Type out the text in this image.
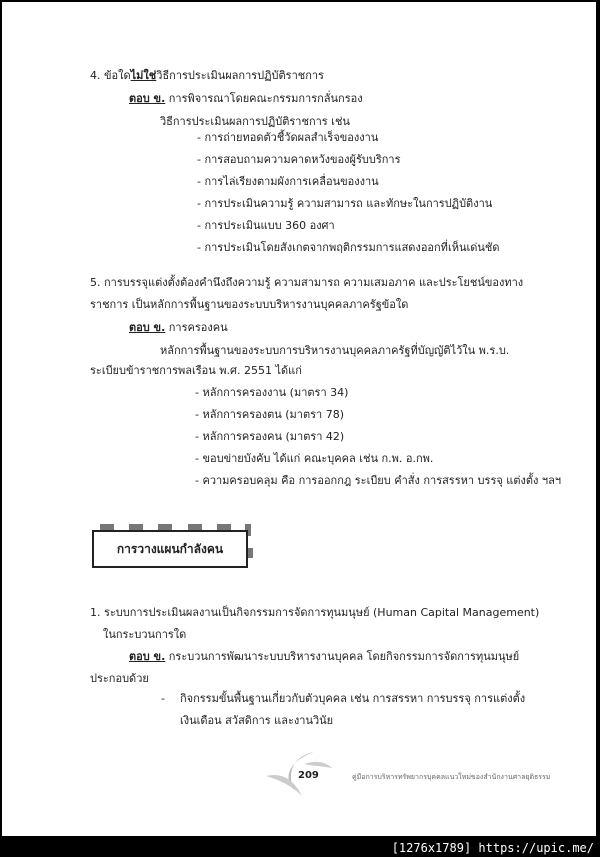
4. ข้อใดไม่ใช่วิธีการประเมินผลการปฏิบัติราชการ
ตอบ ข. การพิจารณาโดยคณะกรรมการกลั่นกรอง
วิธีการประเมินผลการปฏิบัติราชการ เช่น
- การถ่ายทอดตัวชี้วัดผลสำเร็จของงาน
- การสอบถามความคาดหวังของผู้รับบริการ
- การไล่เรียงตามผังการเคลื่อนของงาน
- การประเมินความรู้ ความสามารถ และทักษะในการปฏิบัติงาน
- การประเมินแบบ 360 องศา
- การประเมินโดยสังเกตจากพฤติกรรมการแสดงออกที่เห็นเด่นชัด
5. การบรรจุแต่งตั้งต้องคำนึงถึงความรู้ ความสามารถ ความเสมอภาค และประโยชน์ของทาง
ราชการ เป็นหลักการพื้นฐานของระบบบริหารงานบุคคลภาครัฐข้อใด
ตอบ ข. การครองคน
หลักการพื้นฐานของระบบการบริหารงานบุคคลภาครัฐที่บัญญัติไว้ใน พ.ร.บ.
ระเบียบข้าราชการพลเรือน พ.ศ. 2551 ได้แก่
- หลักการครองงาน (มาตรา 34)
- หลักการครองตน (มาตรา 78)
- หลักการครองคน (มาตรา 42)
- ขอบข่ายบังคับ ได้แก่ คณะบุคคล เช่น ก.พ. อ.กพ.
- ความครอบคลุม คือ การออกกฎ ระเบียบ คำสั่ง การสรรหา บรรจุ แต่งตั้ง ฯลฯ
การวางแผนกำลังคน
1. ระบบการประเมินผลงานเป็นกิจกรรมการจัดการทุนมนุษย์ (Human Capital Management)
ในกระบวนการใด
ตอบ ข. กระบวนการพัฒนาระบบบริหารงานบุคคล โดยกิจกรรมการจัดการทุนมนุษย์
ประกอบด้วย
- กิจกรรมขั้นพื้นฐานเกี่ยวกับตัวบุคคล เช่น การสรรหา การบรรจุ การแต่งตั้ง
เงินเดือน สวัสดิการ และงานวินัย
209	คู่มือการบริหารทรัพยากรบุคคลแนวใหม่ของสำนักงานศาลยุติธรรม
[1276x1789] https://upic.me/
